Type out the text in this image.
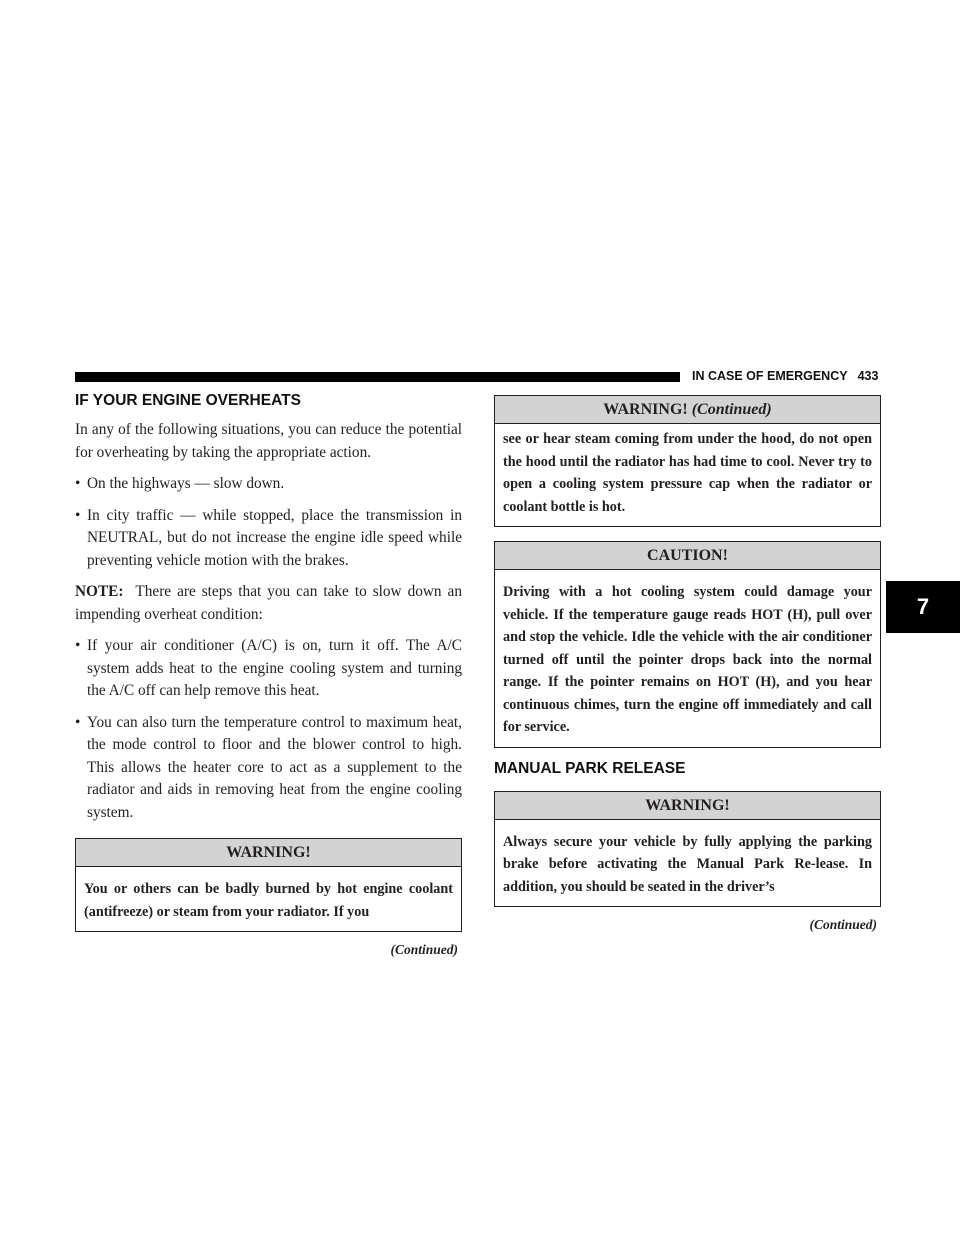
IN CASE OF EMERGENCY 433
7
IF YOUR ENGINE OVERHEATS

In any of the following situations, you can reduce the potential for overheating by taking the appropriate action.

• On the highways — slow down.
• In city traffic — while stopped, place the transmission in NEUTRAL, but do not increase the engine idle speed while preventing vehicle motion with the brakes.

NOTE: There are steps that you can take to slow down an impending overheat condition:

• If your air conditioner (A/C) is on, turn it off. The A/C system adds heat to the engine cooling system and turning the A/C off can help remove this heat.
• You can also turn the temperature control to maximum heat, the mode control to floor and the blower control to high. This allows the heater core to act as a supplement to the radiator and aids in removing heat from the engine cooling system.
WARNING!
You or others can be badly burned by hot engine coolant (antifreeze) or steam from your radiator. If you
(Continued)
WARNING! (Continued)
see or hear steam coming from under the hood, do not open the hood until the radiator has had time to cool. Never try to open a cooling system pressure cap when the radiator or coolant bottle is hot.
CAUTION!
Driving with a hot cooling system could damage your vehicle. If the temperature gauge reads HOT (H), pull over and stop the vehicle. Idle the vehicle with the air conditioner turned off until the pointer drops back into the normal range. If the pointer remains on HOT (H), and you hear continuous chimes, turn the engine off immediately and call for service.
MANUAL PARK RELEASE
WARNING!
Always secure your vehicle by fully applying the parking brake before activating the Manual Park Re-lease. In addition, you should be seated in the driver’s
(Continued)
